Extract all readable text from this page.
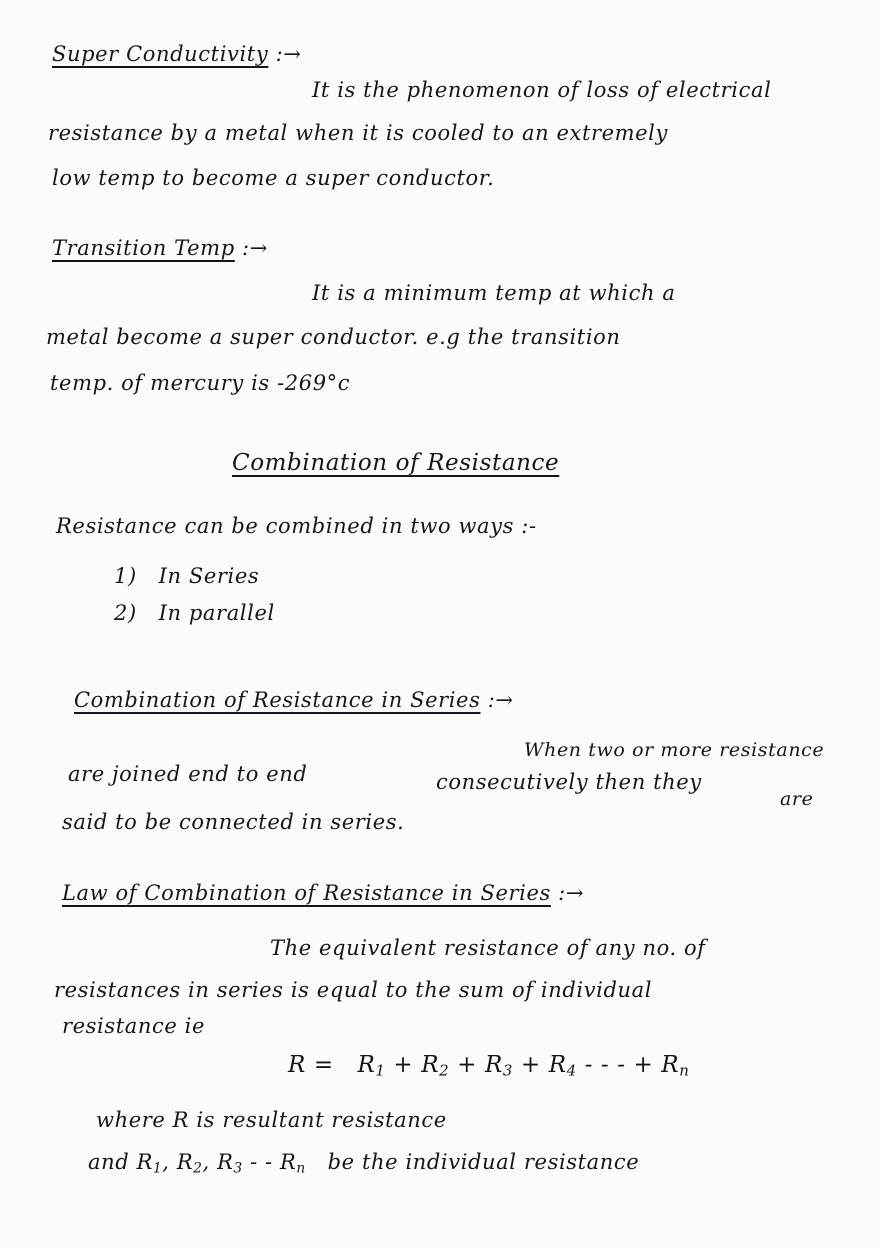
Super Conductivity :→
It is the phenomenon of loss of electrical
resistance by a metal when it is cooled to an extremely
low temp to become a super conductor.
Transition Temp :→
It is a minimum temp at which a
metal become a super conductor. e.g the transition
temp. of mercury is -269°c
Combination of Resistance
Resistance can be combined in two ways :-
1) In Series
2) In parallel
Combination of Resistance in Series :→
When two or more resistance
are joined end to end	consecutively then they
are
said to be connected in series.
Law of Combination of Resistance in Series :→
The equivalent resistance of any no. of
resistances in series is equal to the sum of individual
resistance ie
$R = R_1 + R_2 + R_3 + R_4$ - - - + $R_n$
where R is resultant resistance
and $R_1$, $R_2$, $R_3$ - - $R_n$ be the individual resistance
